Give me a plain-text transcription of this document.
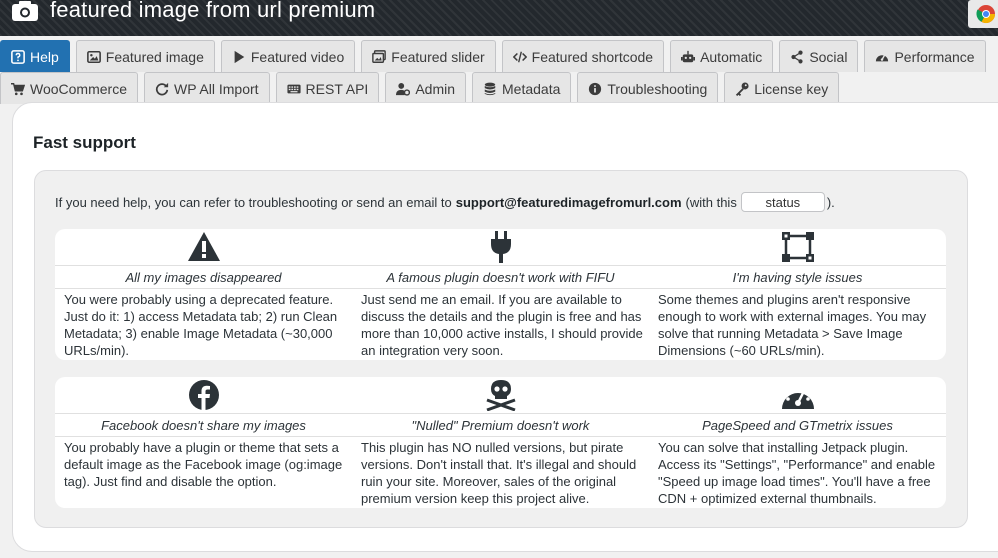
featured image from url premium
Help	Featured image	Featured video	Featured slider	Featured shortcode	Automatic	Social	Performance
WooCommerce	WP All Import	REST API	Admin	Metadata	Troubleshooting	License key
Fast support
If you need help, you can refer to troubleshooting or send an email to support@featuredimagefromurl.com (with this
status	).
All my images disappeared
You were probably using a deprecated feature. Just do it: 1) access Metadata tab; 2) run Clean Metadata; 3) enable Image Metadata (~30,000 URLs/min).
A famous plugin doesn't work with FIFU
Just send me an email. If you are available to discuss the details and the plugin is free and has more than 10,000 active installs, I should provide an integration very soon.
I'm having style issues
Some themes and plugins aren't responsive enough to work with external images. You may solve that running Metadata > Save Image Dimensions (~60 URLs/min).
Facebook doesn't share my images
You probably have a plugin or theme that sets a default image as the Facebook image (og:image tag). Just find and disable the option.
"Nulled" Premium doesn't work
This plugin has NO nulled versions, but pirate versions. Don't install that. It's illegal and should ruin your site. Moreover, sales of the original premium version keep this project alive.
PageSpeed and GTmetrix issues
You can solve that installing Jetpack plugin. Access its "Settings", "Performance" and enable "Speed up image load times". You'll have a free CDN + optimized external thumbnails.
